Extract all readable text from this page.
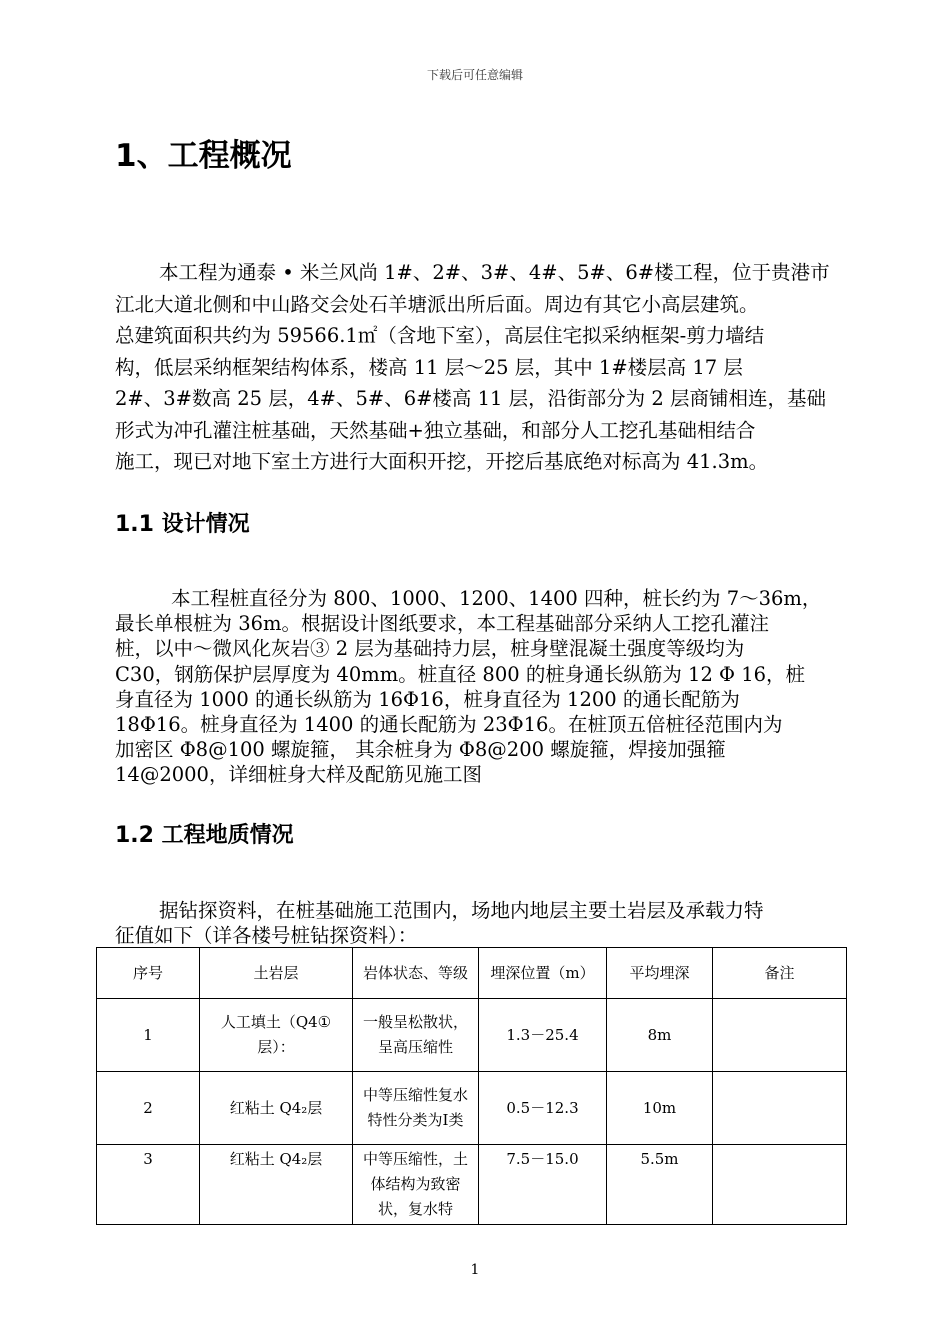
下载后可任意编辑
1、工程概况
本工程为通泰 • 米兰风尚 1#、2#、3#、4#、5#、6#楼工程，位于贵港市
江北大道北侧和中山路交会处石羊塘派出所后面。周边有其它小高层建筑。
总建筑面积共约为 59566.1㎡（含地下室），高层住宅拟采纳框架-剪力墙结
构，低层采纳框架结构体系，楼高 11 层～25 层，其中 1#楼层高 17 层
2#、3#数高 25 层，4#、5#、6#楼高 11 层，沿街部分为 2 层商铺相连，基础
形式为冲孔灌注桩基础，天然基础+独立基础，和部分人工挖孔基础相结合
施工，现已对地下室土方进行大面积开挖，开挖后基底绝对标高为 41.3m。
1.1 设计情况
本工程桩直径分为 800、1000、1200、1400 四种，桩长约为 7～36m，
最长单根桩为 36m。根据设计图纸要求，本工程基础部分采纳人工挖孔灌注
桩，以中～微风化灰岩③ 2 层为基础持力层，桩身壁混凝土强度等级均为
C30，钢筋保护层厚度为 40mm。桩直径 800 的桩身通长纵筋为 12 Φ 16，桩
身直径为 1000 的通长纵筋为 16Φ16，桩身直径为 1200 的通长配筋为
18Φ16。桩身直径为 1400 的通长配筋为 23Φ16。在桩顶五倍桩径范围内为
加密区 Φ8@100 螺旋箍， 其余桩身为 Φ8@200 螺旋箍，焊接加强箍
14@2000，详细桩身大样及配筋见施工图
1.2 工程地质情况
据钻探资料，在桩基础施工范围内，场地内地层主要土岩层及承载力特
征值如下（详各楼号桩钻探资料）：
序号	土岩层	岩体状态、等级	埋深位置（m）	平均埋深	备注
1	人工填土（Q4①层）：	一般呈松散状，呈高压缩性	1.3－25.4	8m	
2	红粘土 Q4₂层	中等压缩性复水特性分类为Ⅰ类	0.5－12.3	10m	
3	红粘土 Q4₂层	中等压缩性，土体结构为致密状，复水特	7.5－15.0	5.5m	
1
